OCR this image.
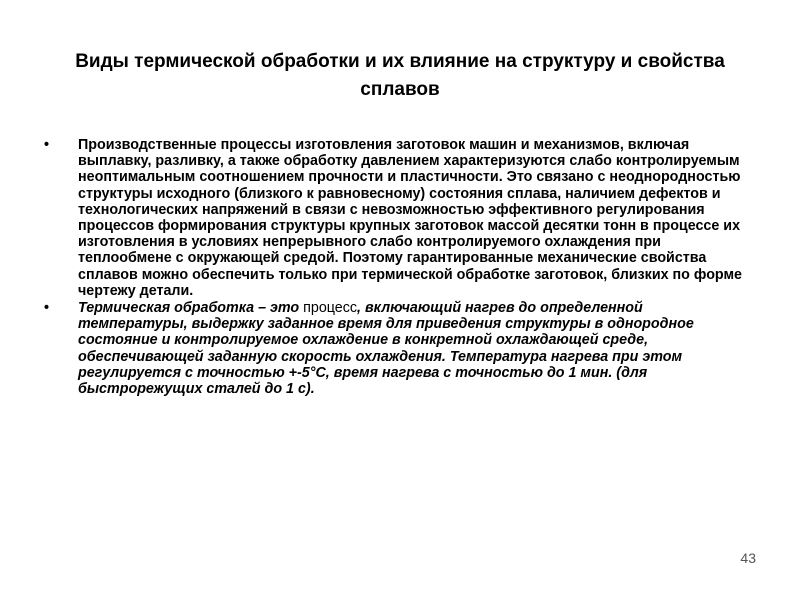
Виды термической обработки и их влияние на структуру и свойства сплавов
•	Производственные процессы изготовления заготовок машин и механизмов, включая выплавку, разливку, а также обработку давлением характеризуются слабо контролируемым неоптимальным соотношением прочности и пластичности. Это связано с неоднородностью структуры исходного (близкого к равновесному) состояния сплава, наличием дефектов и технологических напряжений в связи с невозможностью эффективного регулирования процессов формирования структуры крупных заготовок массой десятки тонн в процессе их изготовления в условиях непрерывного слабо контролируемого охлаждения при теплообмене с окружающей средой. Поэтому гарантированные механические свойства сплавов можно обеспечить только при термической обработке заготовок, близких по форме чертежу детали.
•	Термическая обработка – это процесс, включающий нагрев до определенной температуры, выдержку заданное время для приведения структуры в однородное состояние и контролируемое охлаждение в конкретной охлаждающей среде, обеспечивающей заданную скорость охлаждения. Температура нагрева при этом регулируется с точностью +-5°С, время нагрева с точностью до 1 мин. (для быстрорежущих сталей до 1 с).
43
